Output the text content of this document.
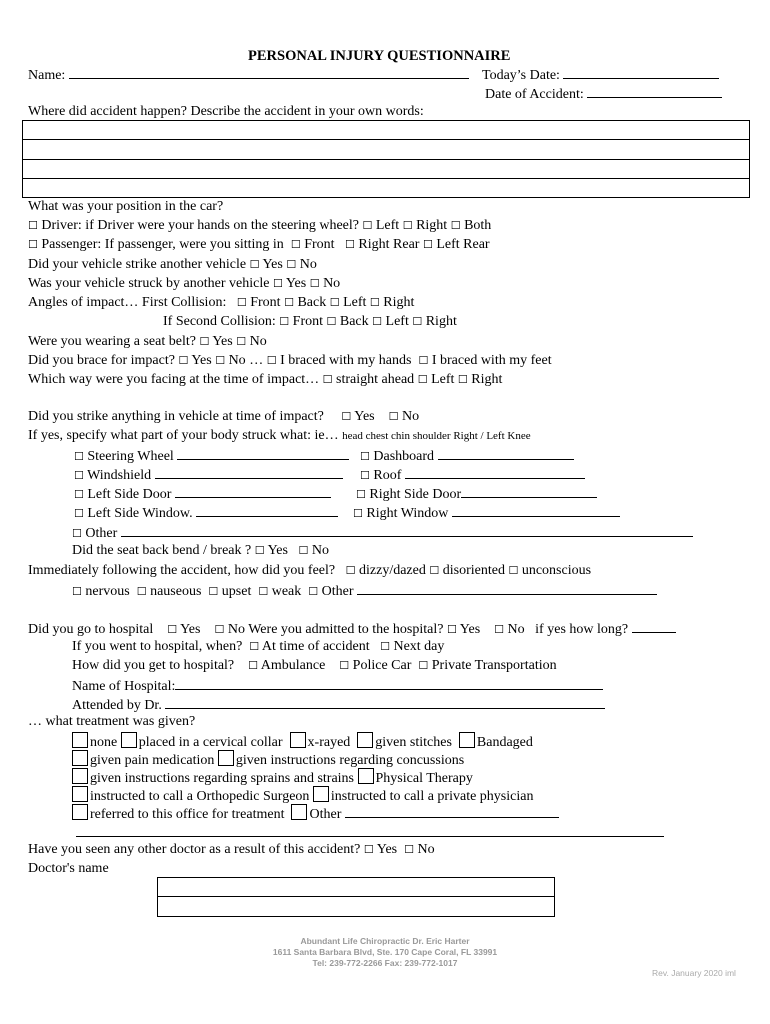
PERSONAL INJURY QUESTIONNAIRE
Name:	Today’s Date:
Date of Accident:
Where did accident happen? Describe the accident in your own words:
What was your position in the car?
☐ Driver: if Driver were your hands on the steering wheel? ☐ Left ☐ Right ☐ Both
☐ Passenger: If passenger, were you sitting in ☐ Front ☐ Right Rear ☐ Left Rear
Did your vehicle strike another vehicle ☐ Yes ☐ No
Was your vehicle struck by another vehicle ☐ Yes ☐ No
Angles of impact… First Collision: ☐ Front ☐ Back ☐ Left ☐ Right
If Second Collision: ☐ Front ☐ Back ☐ Left ☐ Right
Were you wearing a seat belt? ☐ Yes ☐ No
Did you brace for impact? ☐ Yes ☐ No … ☐ I braced with my hands ☐ I braced with my feet
Which way were you facing at the time of impact… ☐ straight ahead ☐ Left ☐ Right
Did you strike anything in vehicle at time of impact? ☐ Yes ☐ No
If yes, specify what part of your body struck what: ie… head chest chin shoulder Right / Left Knee
☐ Steering Wheel	☐ Dashboard
☐ Windshield	☐ Roof
☐ Left Side Door	☐ Right Side Door
☐ Left Side Window.	☐ Right Window
☐ Other
Did the seat back bend / break ? ☐ Yes ☐ No
Immediately following the accident, how did you feel? ☐ dizzy/dazed ☐ disoriented ☐ unconscious
☐ nervous ☐ nauseous ☐ upset ☐ weak ☐ Other
Did you go to hospital ☐ Yes ☐ No Were you admitted to the hospital? ☐ Yes ☐ No if yes how long?
If you went to hospital, when? ☐ At time of accident ☐ Next day
How did you get to hospital? ☐ Ambulance ☐ Police Car ☐ Private Transportation
Name of Hospital:
Attended by Dr.
… what treatment was given?
none placed in a cervical collar x-rayed given stitches Bandaged
given pain medication given instructions regarding concussions
given instructions regarding sprains and strains Physical Therapy
instructed to call a Orthopedic Surgeon instructed to call a private physician
referred to this office for treatment Other
Have you seen any other doctor as a result of this accident? ☐ Yes ☐ No
Doctor's name
Abundant Life Chiropractic Dr. Eric Harter
1611 Santa Barbara Blvd, Ste. 170 Cape Coral, FL 33991
Tel: 239-772-2266 Fax: 239-772-1017
Rev. January 2020 iml
